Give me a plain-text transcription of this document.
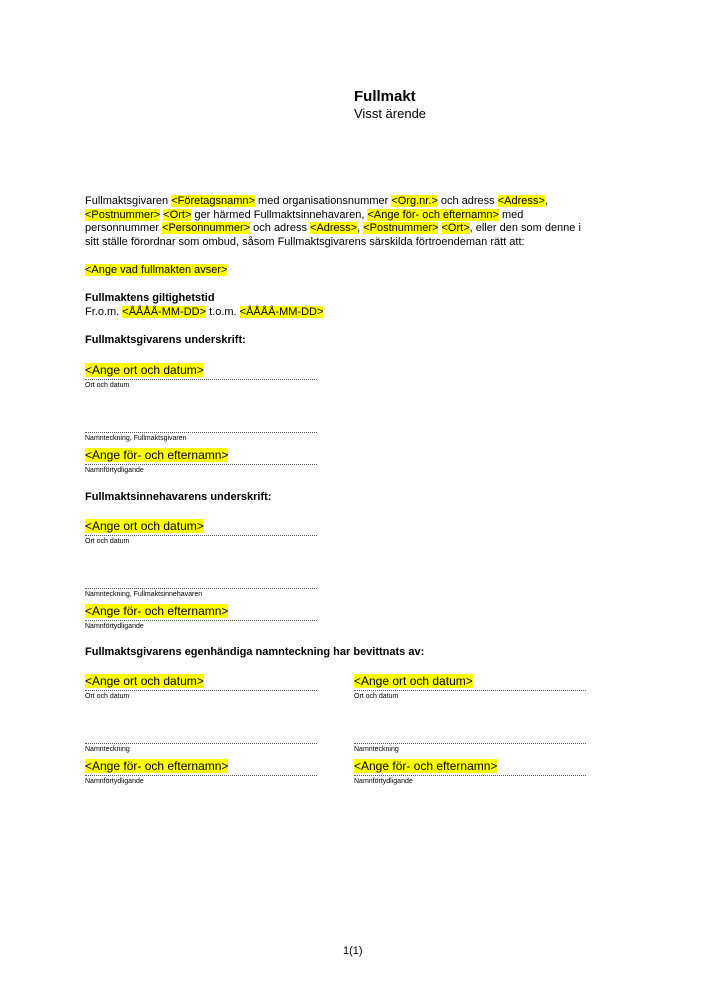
Fullmakt
Visst ärende
Fullmaktsgivaren <Företagsnamn> med organisationsnummer <Org.nr.> och adress <Adress>,
<Postnummer> <Ort> ger härmed Fullmaktsinnehavaren, <Ange för- och efternamn> med
personnummer <Personnummer> och adress <Adress>, <Postnummer> <Ort>, eller den som denne i
sitt ställe förordnar som ombud, såsom Fullmaktsgivarens särskilda förtroendeman rätt att:
<Ange vad fullmakten avser>
Fullmaktens giltighetstid
Fr.o.m. <ÅÅÅÅ-MM-DD> t.o.m. <ÅÅÅÅ-MM-DD>
Fullmaktsgivarens underskrift:
<Ange ort och datum>
Ort och datum
Namnteckning, Fullmaktsgivaren
<Ange för- och efternamn>
Namnförtydligande
Fullmaktsinnehavarens underskrift:
<Ange ort och datum>
Ort och datum
Namnteckning, Fullmaktsinnehavaren
<Ange för- och efternamn>
Namnförtydligande
Fullmaktsgivarens egenhändiga namnteckning har bevittnats av:
<Ange ort och datum>
Ort och datum
Namnteckning
<Ange för- och efternamn>
Namnförtydligande
<Ange ort och datum>
Ort och datum
Namnteckning
<Ange för- och efternamn>
Namnförtydligande
1(1)
